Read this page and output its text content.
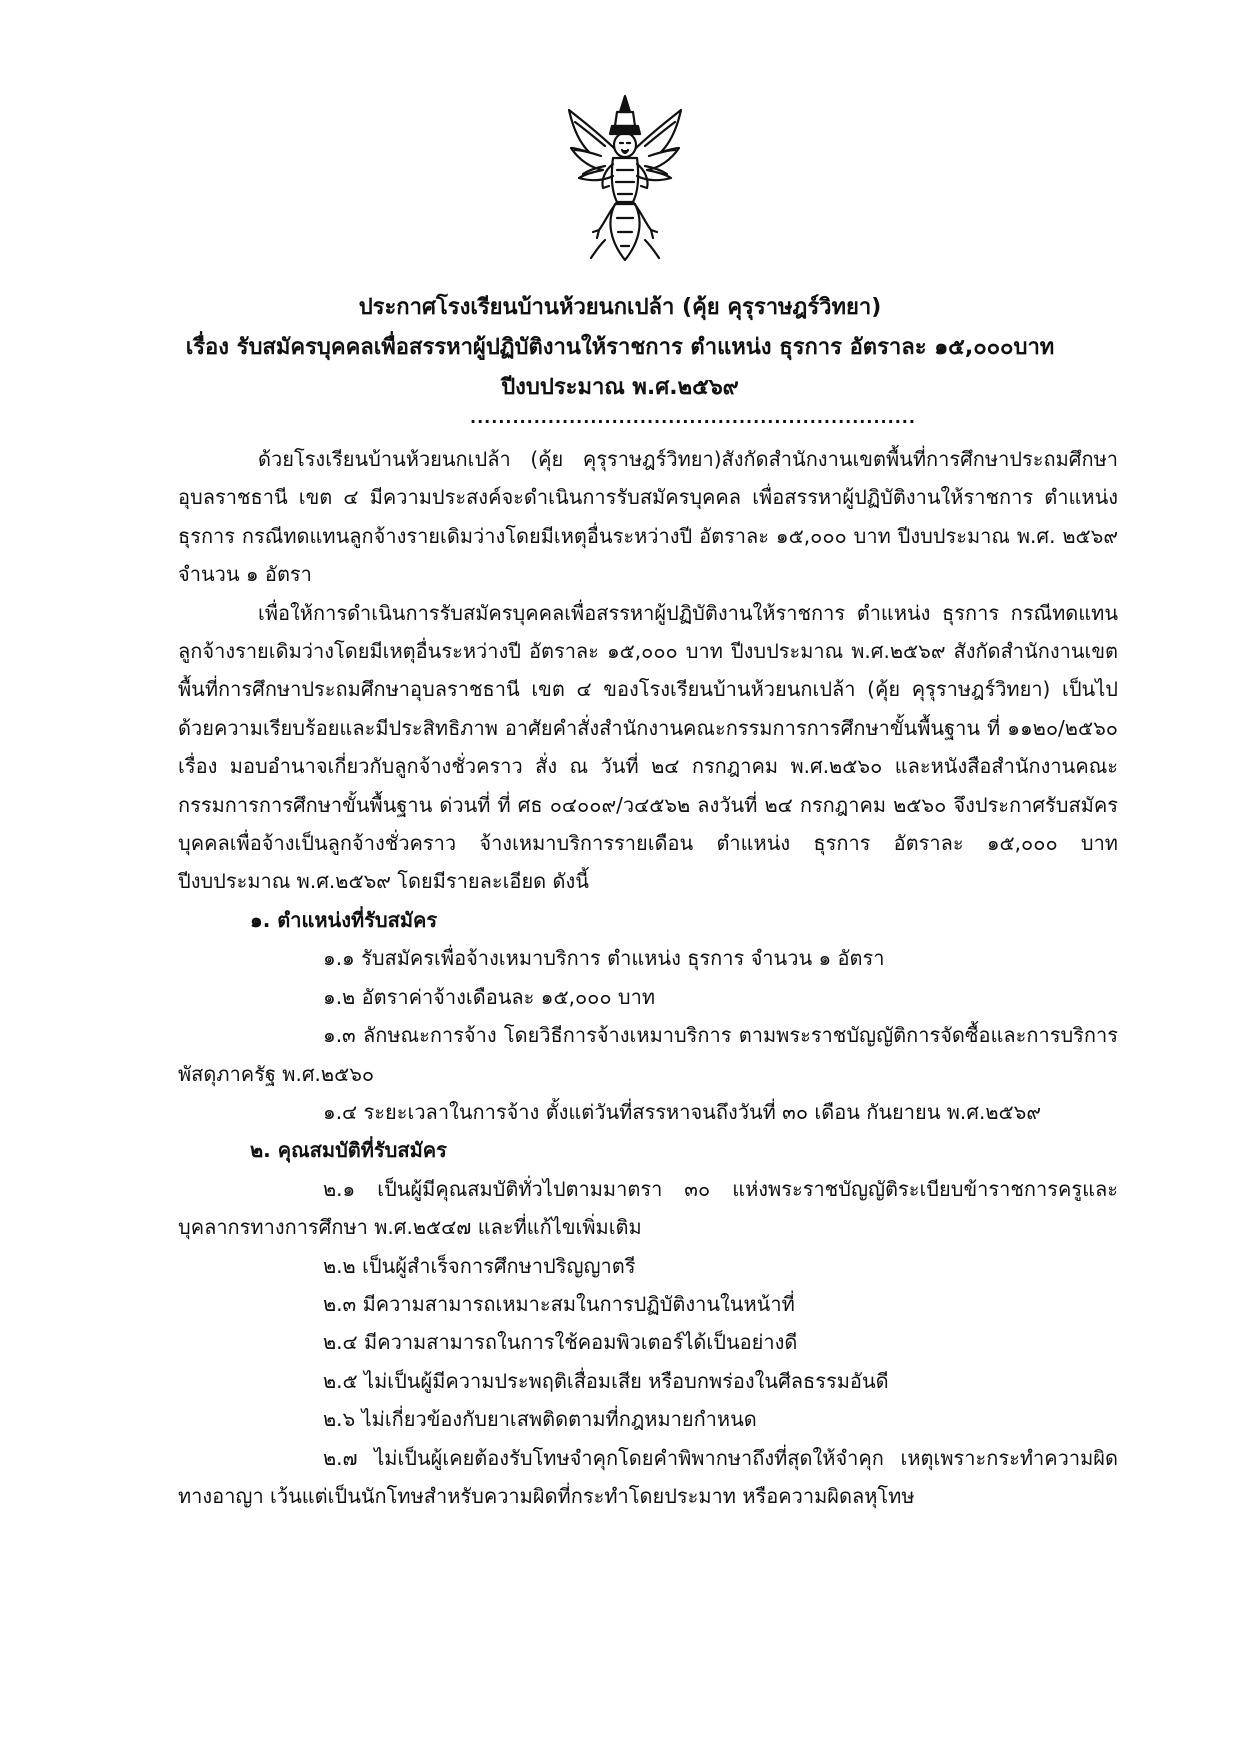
ประกาศโรงเรียนบ้านห้วยนกเปล้า (คุ้ย คุรุราษฎร์วิทยา)
เรื่อง รับสมัครบุคคลเพื่อสรรหาผู้ปฏิบัติงานให้ราชการ ตำแหน่ง ธุรการ อัตราละ ๑๕,๐๐๐บาท
ปีงบประมาณ พ.ศ.๒๕๖๙
...............................................................

ด้วยโรงเรียนบ้านห้วยนกเปล้า (คุ้ย คุรุราษฎร์วิทยา)สังกัดสำนักงานเขตพื้นที่การศึกษาประถมศึกษาอุบลราชธานี เขต ๔ มีความประสงค์จะดำเนินการรับสมัครบุคคล เพื่อสรรหาผู้ปฏิบัติงานให้ราชการ ตำแหน่ง ธุรการ กรณีทดแทนลูกจ้างรายเดิมว่างโดยมีเหตุอื่นระหว่างปี อัตราละ ๑๕,๐๐๐ บาท ปีงบประมาณ พ.ศ. ๒๕๖๙ จำนวน ๑ อัตรา

เพื่อให้การดำเนินการรับสมัครบุคคลเพื่อสรรหาผู้ปฏิบัติงานให้ราชการ ตำแหน่ง ธุรการ กรณีทดแทนลูกจ้างรายเดิมว่างโดยมีเหตุอื่นระหว่างปี อัตราละ ๑๕,๐๐๐ บาท ปีงบประมาณ พ.ศ.๒๕๖๙ สังกัดสำนักงานเขตพื้นที่การศึกษาประถมศึกษาอุบลราชธานี เขต ๔ ของโรงเรียนบ้านห้วยนกเปล้า (คุ้ย คุรุราษฎร์วิทยา) เป็นไปด้วยความเรียบร้อยและมีประสิทธิภาพ อาศัยคำสั่งสำนักงานคณะกรรมการการศึกษาขั้นพื้นฐาน ที่ ๑๑๒๐/๒๕๖๐ เรื่อง มอบอำนาจเกี่ยวกับลูกจ้างชั่วคราว สั่ง ณ วันที่ ๒๔ กรกฎาคม พ.ศ.๒๕๖๐ และหนังสือสำนักงานคณะกรรมการการศึกษาขั้นพื้นฐาน ด่วนที่ ที่ ศธ ๐๔๐๐๙/ว๔๕๖๒ ลงวันที่ ๒๔ กรกฎาคม ๒๕๖๐ จึงประกาศรับสมัครบุคคลเพื่อจ้างเป็นลูกจ้างชั่วคราว จ้างเหมาบริการรายเดือน ตำแหน่ง ธุรการ อัตราละ ๑๕,๐๐๐ บาท ปีงบประมาณ พ.ศ.๒๕๖๙ โดยมีรายละเอียด ดังนี้

๑. ตำแหน่งที่รับสมัคร

๑.๑ รับสมัครเพื่อจ้างเหมาบริการ ตำแหน่ง ธุรการ จำนวน ๑ อัตรา

๑.๒ อัตราค่าจ้างเดือนละ ๑๕,๐๐๐ บาท

๑.๓ ลักษณะการจ้าง โดยวิธีการจ้างเหมาบริการ ตามพระราชบัญญัติการจัดซื้อและการบริการพัสดุภาครัฐ พ.ศ.๒๕๖๐

๑.๔ ระยะเวลาในการจ้าง ตั้งแต่วันที่สรรหาจนถึงวันที่ ๓๐ เดือน กันยายน พ.ศ.๒๕๖๙

๒. คุณสมบัติที่รับสมัคร

๒.๑ เป็นผู้มีคุณสมบัติทั่วไปตามมาตรา ๓๐ แห่งพระราชบัญญัติระเบียบข้าราชการครูและบุคลากรทางการศึกษา พ.ศ.๒๕๔๗ และที่แก้ไขเพิ่มเติม

๒.๒ เป็นผู้สำเร็จการศึกษาปริญญาตรี

๒.๓ มีความสามารถเหมาะสมในการปฏิบัติงานในหน้าที่

๒.๔ มีความสามารถในการใช้คอมพิวเตอร์ได้เป็นอย่างดี

๒.๕ ไม่เป็นผู้มีความประพฤติเสื่อมเสีย หรือบกพร่องในศีลธรรมอันดี

๒.๖ ไม่เกี่ยวข้องกับยาเสพติดตามที่กฎหมายกำหนด

๒.๗ ไม่เป็นผู้เคยต้องรับโทษจำคุกโดยคำพิพากษาถึงที่สุดให้จำคุก เหตุเพราะกระทำความผิดทางอาญา เว้นแต่เป็นนักโทษสำหรับความผิดที่กระทำโดยประมาท หรือความผิดลหุโทษ
